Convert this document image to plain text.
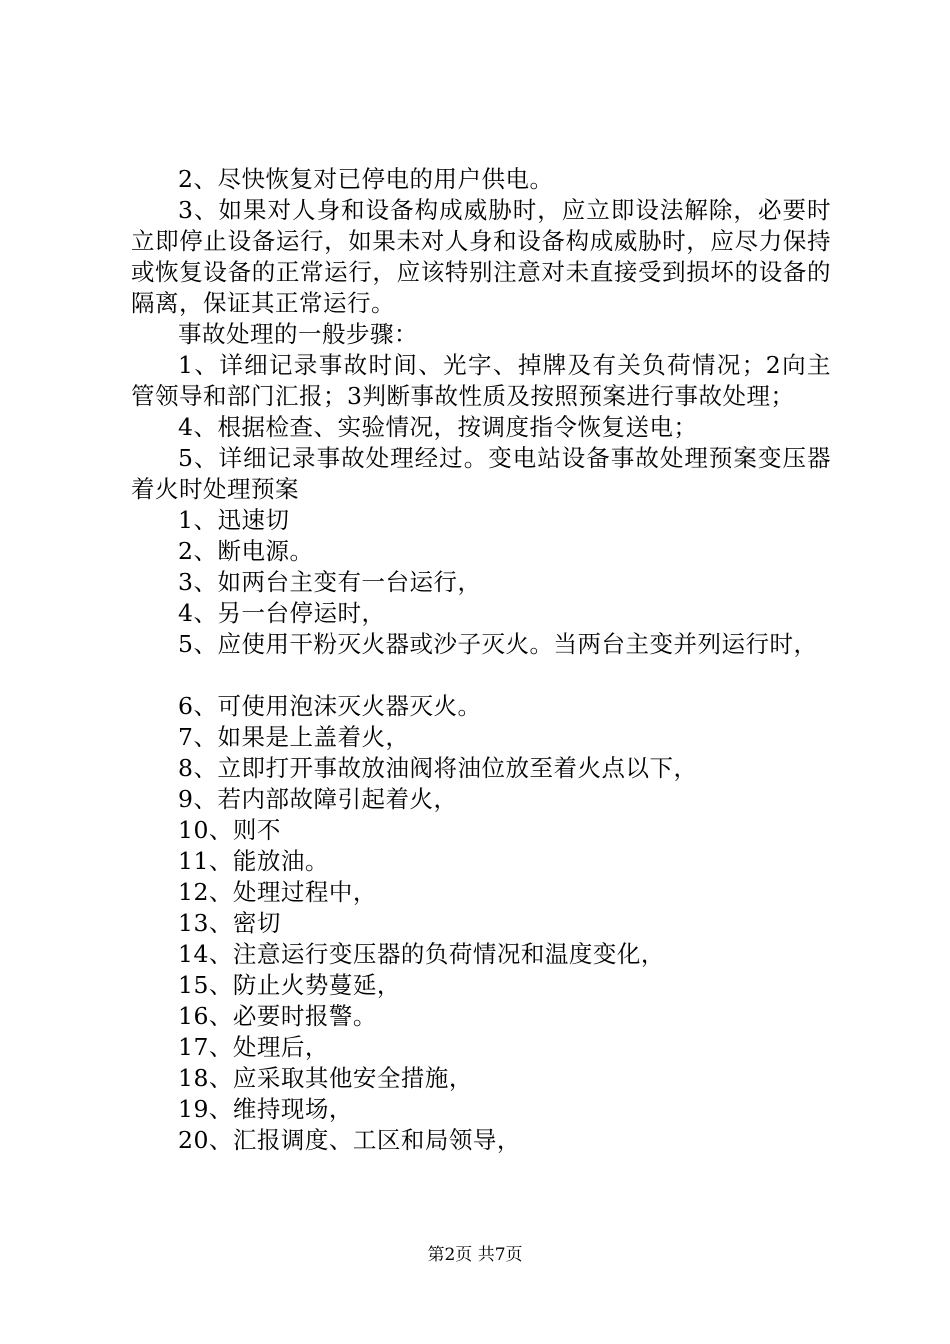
2、尽快恢复对已停电的用户供电。

3、如果对人身和设备构成威胁时，应立即设法解除，必要时立即停止设备运行，如果未对人身和设备构成威胁时，应尽力保持或恢复设备的正常运行，应该特别注意对未直接受到损坏的设备的隔离，保证其正常运行。

事故处理的一般步骤：

1、详细记录事故时间、光字、掉牌及有关负荷情况；2向主管领导和部门汇报；3判断事故性质及按照预案进行事故处理；

4、根据检查、实验情况，按调度指令恢复送电；

5、详细记录事故处理经过。变电站设备事故处理预案变压器着火时处理预案

1、迅速切

2、断电源。

3、如两台主变有一台运行，

4、另一台停运时，

5、应使用干粉灭火器或沙子灭火。当两台主变并列运行时，

6、可使用泡沫灭火器灭火。

7、如果是上盖着火，

8、立即打开事故放油阀将油位放至着火点以下，

9、若内部故障引起着火，

10、则不

11、能放油。

12、处理过程中，

13、密切

14、注意运行变压器的负荷情况和温度变化，

15、防止火势蔓延，

16、必要时报警。

17、处理后，

18、应采取其他安全措施，

19、维持现场，

20、汇报调度、工区和局领导，

第2页 共7页
